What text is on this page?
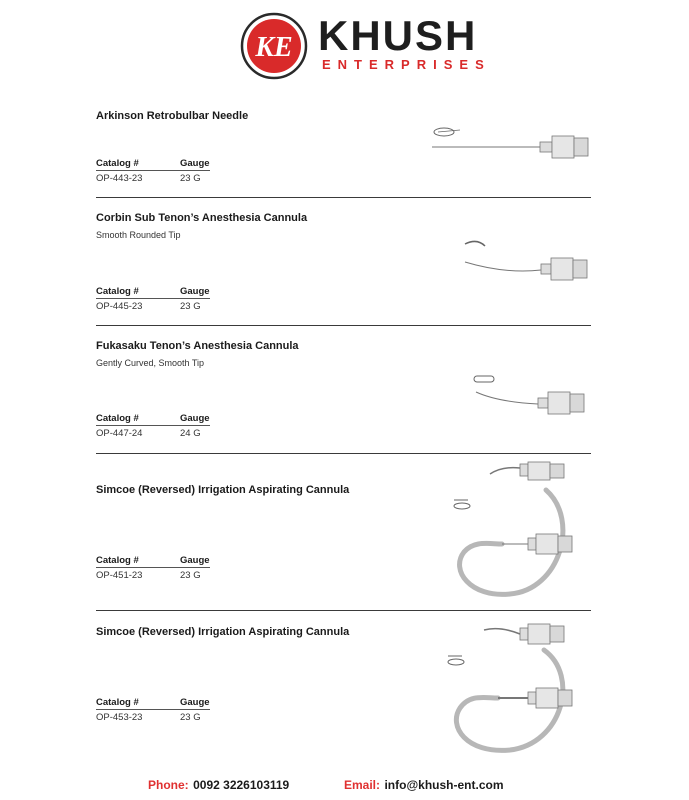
KE KHUSH
ENTERPRISES
Arkinson Retrobulbar Needle
Catalog #	Gauge
OP-443-23	23 G
Corbin Sub Tenon’s Anesthesia Cannula
Smooth Rounded Tip
Catalog #	Gauge
OP-445-23	23 G
Fukasaku Tenon’s Anesthesia Cannula
Gently Curved, Smooth Tip
Catalog #	Gauge
OP-447-24	24 G
Simcoe (Reversed) Irrigation Aspirating Cannula
Catalog #	Gauge
OP-451-23	23 G
Simcoe (Reversed) Irrigation Aspirating Cannula
Catalog #	Gauge
OP-453-23	23 G
Phone: 0092 3226103119	Email: info@khush-ent.com
